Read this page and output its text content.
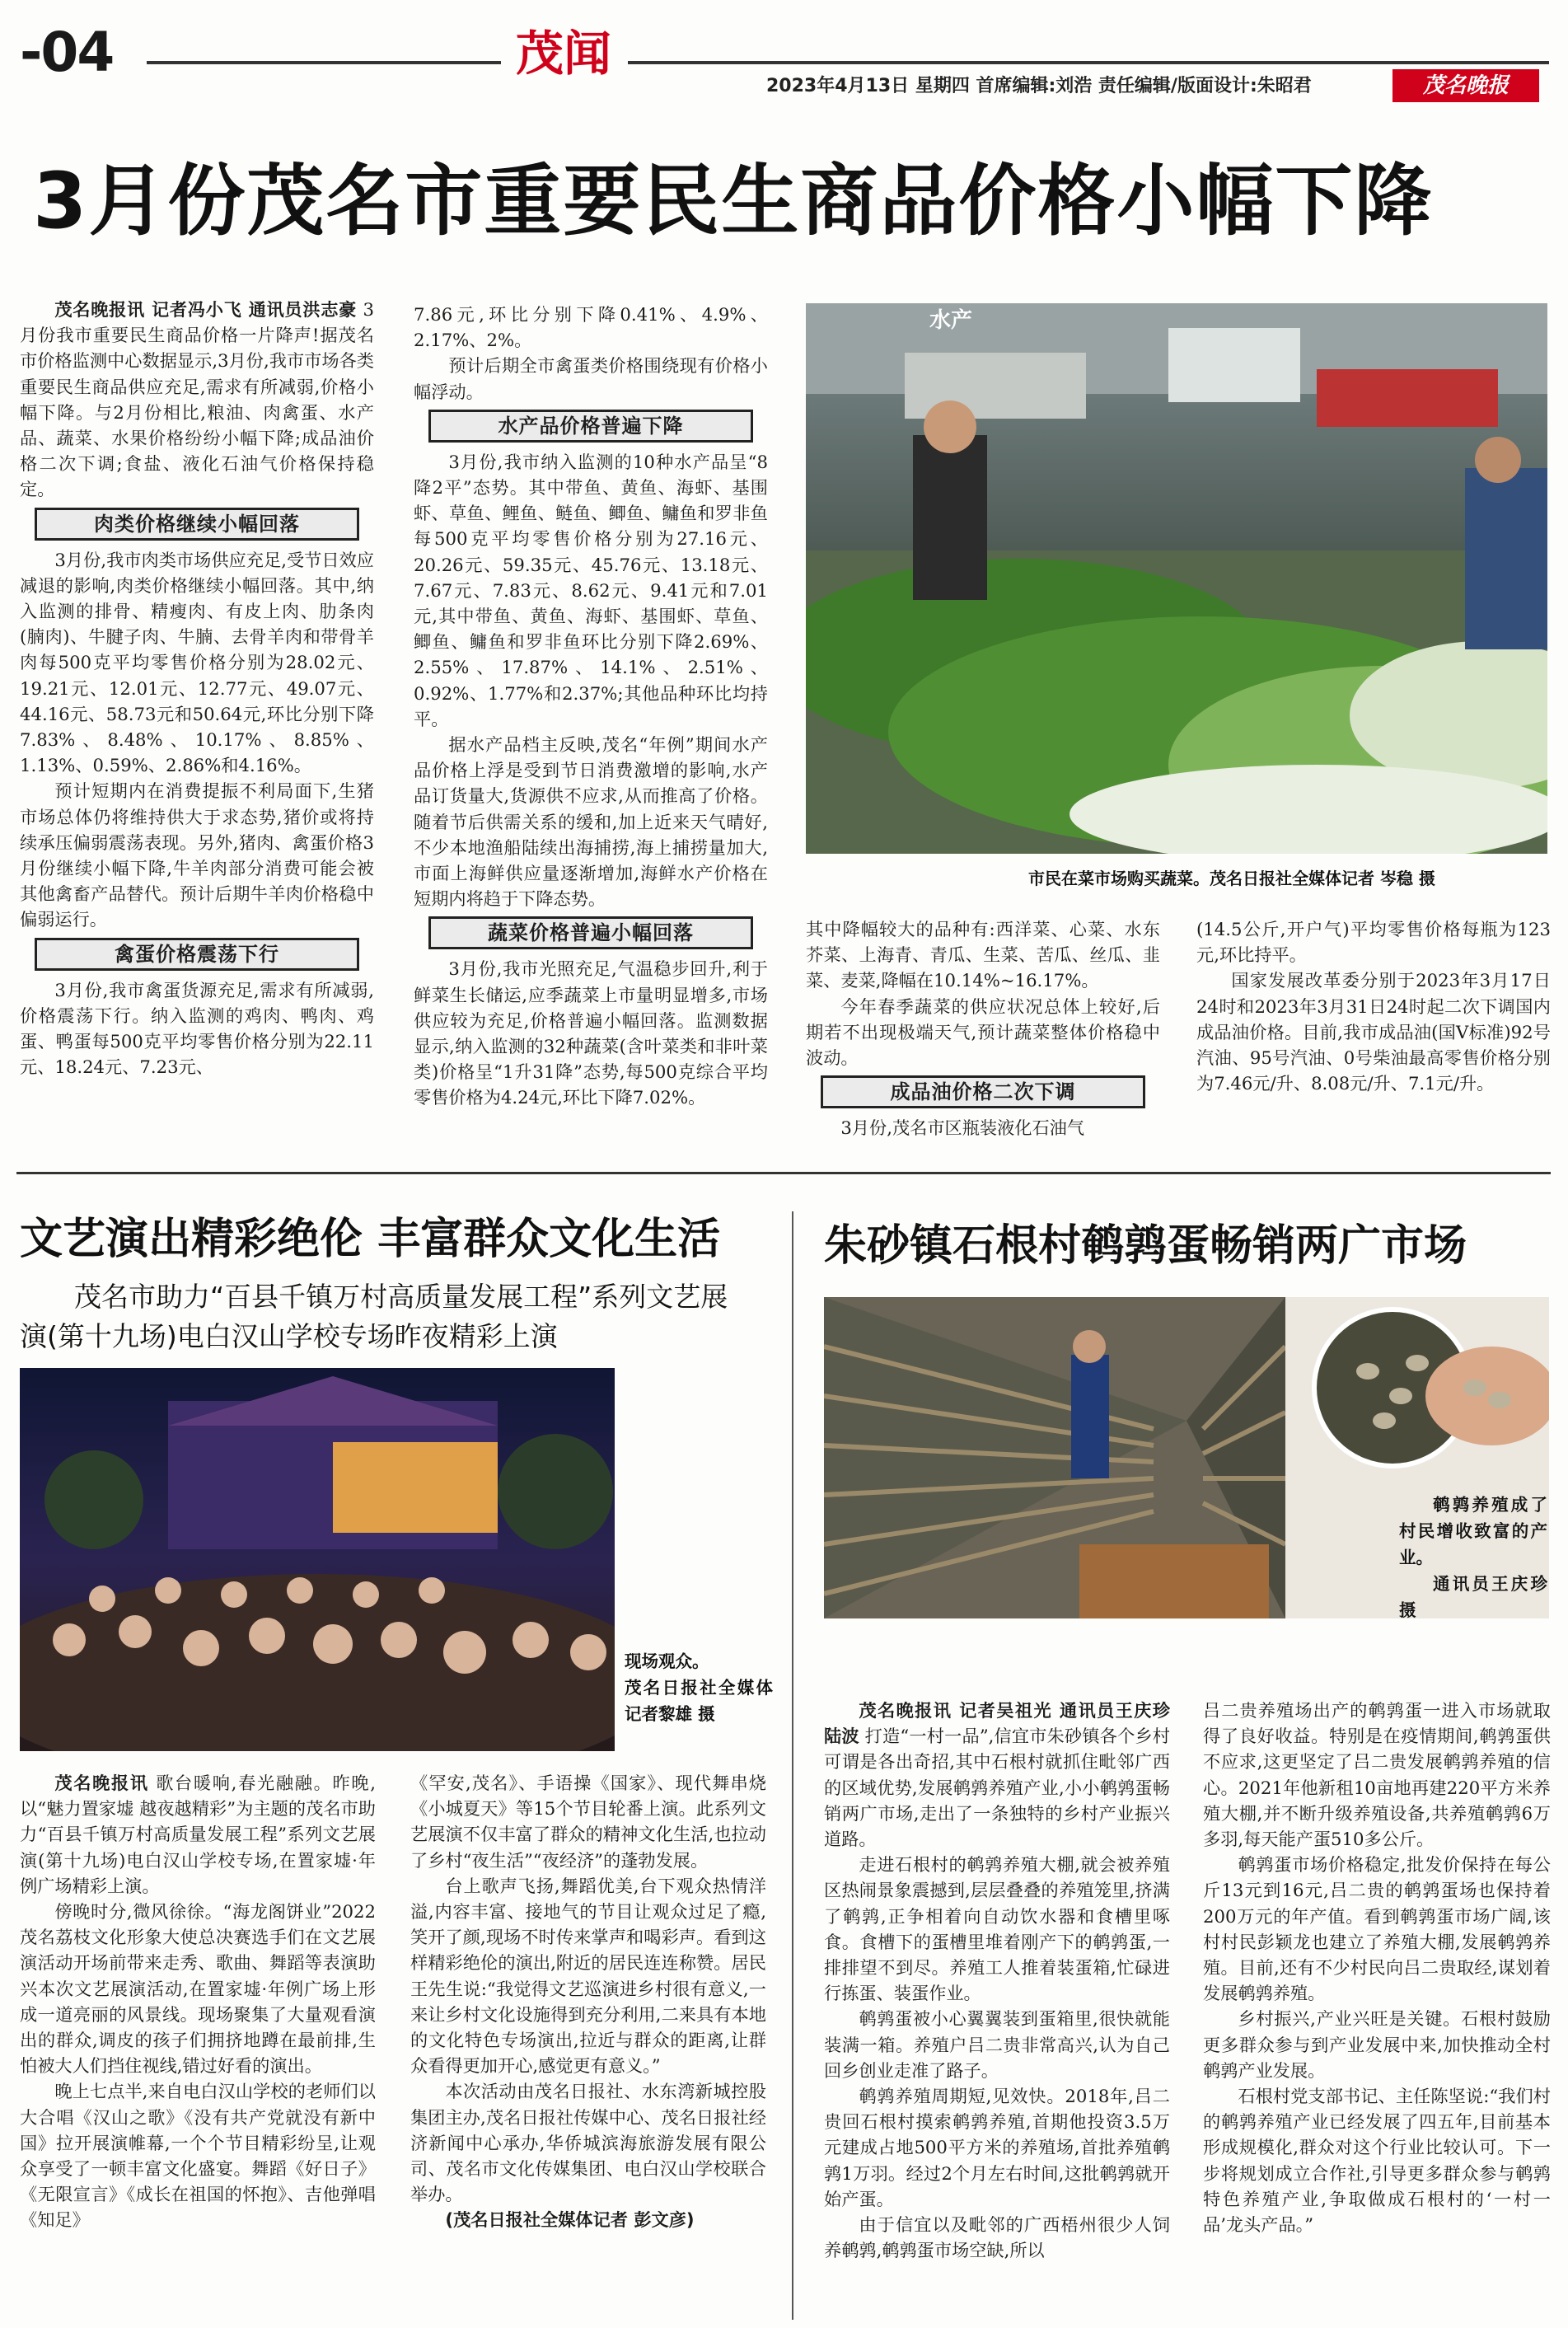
-04	茂闻
2023年4月13日 星期四 首席编辑:刘浩 责任编辑/版面设计:朱昭君	茂名晚报
3月份茂名市重要民生商品价格小幅下降

茂名晚报讯 记者冯小飞 通讯员洪志豪 3月份我市重要民生商品价格一片降声!据茂名市价格监测中心数据显示,3月份,我市市场各类重要民生商品供应充足,需求有所减弱,价格小幅下降。与2月份相比,粮油、肉禽蛋、水产品、蔬菜、水果价格纷纷小幅下降;成品油价格二次下调;食盐、液化石油气价格保持稳定。

肉类价格继续小幅回落

3月份,我市肉类市场供应充足,受节日效应减退的影响,肉类价格继续小幅回落。其中,纳入监测的排骨、精瘦肉、有皮上肉、肋条肉(腩肉)、牛腱子肉、牛腩、去骨羊肉和带骨羊肉每500克平均零售价格分别为28.02元、19.21元、12.01元、12.77元、49.07元、44.16元、58.73元和50.64元,环比分别下降7.83%、8.48%、10.17%、8.85%、1.13%、0.59%、2.86%和4.16%。

预计短期内在消费提振不利局面下,生猪市场总体仍将维持供大于求态势,猪价或将持续承压偏弱震荡表现。另外,猪肉、禽蛋价格3月份继续小幅下降,牛羊肉部分消费可能会被其他禽畜产品替代。预计后期牛羊肉价格稳中偏弱运行。

禽蛋价格震荡下行

3月份,我市禽蛋货源充足,需求有所减弱,价格震荡下行。纳入监测的鸡肉、鸭肉、鸡蛋、鸭蛋每500克平均零售价格分别为22.11元、18.24元、7.23元、

7.86元,环比分别下降0.41%、4.9%、2.17%、2%。

预计后期全市禽蛋类价格围绕现有价格小幅浮动。

水产品价格普遍下降

3月份,我市纳入监测的10种水产品呈“8降2平”态势。其中带鱼、黄鱼、海虾、基围虾、草鱼、鲤鱼、鲢鱼、鲫鱼、鳙鱼和罗非鱼每500克平均零售价格分别为27.16元、20.26元、59.35元、45.76元、13.18元、7.67元、7.83元、8.62元、9.41元和7.01元,其中带鱼、黄鱼、海虾、基围虾、草鱼、鲫鱼、鳙鱼和罗非鱼环比分别下降2.69%、2.55%、17.87%、14.1%、2.51%、0.92%、1.77%和2.37%;其他品种环比均持平。

据水产品档主反映,茂名“年例”期间水产品价格上浮是受到节日消费激增的影响,水产品订货量大,货源供不应求,从而推高了价格。随着节后供需关系的缓和,加上近来天气晴好,不少本地渔船陆续出海捕捞,海上捕捞量加大,市面上海鲜供应量逐渐增加,海鲜水产价格在短期内将趋于下降态势。

蔬菜价格普遍小幅回落

3月份,我市光照充足,气温稳步回升,利于鲜菜生长储运,应季蔬菜上市量明显增多,市场供应较为充足,价格普遍小幅回落。监测数据显示,纳入监测的32种蔬菜(含叶菜类和非叶菜类)价格呈“1升31降”态势,每500克综合平均零售价格为4.24元,环比下降7.02%。

水产
市民在菜市场购买蔬菜。茂名日报社全媒体记者 岑稳 摄

其中降幅较大的品种有:西洋菜、心菜、水东芥菜、上海青、青瓜、生菜、苦瓜、丝瓜、韭菜、麦菜,降幅在10.14%~16.17%。

今年春季蔬菜的供应状况总体上较好,后期若不出现极端天气,预计蔬菜整体价格稳中波动。

成品油价格二次下调

3月份,茂名市区瓶装液化石油气

(14.5公斤,开户气)平均零售价格每瓶为123元,环比持平。

国家发展改革委分别于2023年3月17日24时和2023年3月31日24时起二次下调国内成品油价格。目前,我市成品油(国Ⅴ标准)92号汽油、95号汽油、0号柴油最高零售价格分别为7.46元/升、8.08元/升、7.1元/升。

文艺演出精彩绝伦 丰富群众文化生活
茂名市助力“百县千镇万村高质量发展工程”系列文艺展演(第十九场)电白汉山学校专场昨夜精彩上演
现场观众。
茂名日报社全媒体记者黎雄 摄

茂名晚报讯 歌台暖响,春光融融。昨晚,以“魅力置家墟 越夜越精彩”为主题的茂名市助力“百县千镇万村高质量发展工程”系列文艺展演(第十九场)电白汉山学校专场,在置家墟·年例广场精彩上演。

傍晚时分,微风徐徐。“海龙阁饼业”2022茂名荔枝文化形象大使总决赛选手们在文艺展演活动开场前带来走秀、歌曲、舞蹈等表演助兴本次文艺展演活动,在置家墟·年例广场上形成一道亮丽的风景线。现场聚集了大量观看演出的群众,调皮的孩子们拥挤地蹲在最前排,生怕被大人们挡住视线,错过好看的演出。

晚上七点半,来自电白汉山学校的老师们以大合唱《汉山之歌》《没有共产党就没有新中国》拉开展演帷幕,一个个节目精彩纷呈,让观众享受了一顿丰富文化盛宴。舞蹈《好日子》《无限宣言》《成长在祖国的怀抱》、吉他弹唱《知足》

《罕安,茂名》、手语操《国家》、现代舞串烧《小城夏天》等15个节目轮番上演。此系列文艺展演不仅丰富了群众的精神文化生活,也拉动了乡村“夜生活”“夜经济”的蓬勃发展。

台上歌声飞扬,舞蹈优美,台下观众热情洋溢,内容丰富、接地气的节目让观众过足了瘾,笑开了颜,现场不时传来掌声和喝彩声。看到这样精彩绝伦的演出,附近的居民连连称赞。居民王先生说:“我觉得文艺巡演进乡村很有意义,一来让乡村文化设施得到充分利用,二来具有本地的文化特色专场演出,拉近与群众的距离,让群众看得更加开心,感觉更有意义。”

本次活动由茂名日报社、水东湾新城控股集团主办,茂名日报社传媒中心、茂名日报社经济新闻中心承办,华侨城滨海旅游发展有限公司、茂名市文化传媒集团、电白汉山学校联合举办。

(茂名日报社全媒体记者 彭文彦)

朱砂镇石根村鹌鹑蛋畅销两广市场
鹌鹑养殖成了村民增收致富的产业。
通讯员王庆珍 摄

茂名晚报讯 记者吴祖光 通讯员王庆珍 陆波 打造“一村一品”,信宜市朱砂镇各个乡村可谓是各出奇招,其中石根村就抓住毗邻广西的区域优势,发展鹌鹑养殖产业,小小鹌鹑蛋畅销两广市场,走出了一条独特的乡村产业振兴道路。

走进石根村的鹌鹑养殖大棚,就会被养殖区热闹景象震撼到,层层叠叠的养殖笼里,挤满了鹌鹑,正争相着向自动饮水器和食槽里啄食。食槽下的蛋槽里堆着刚产下的鹌鹑蛋,一排排望不到尽。养殖工人推着装蛋箱,忙碌进行拣蛋、装蛋作业。

鹌鹑蛋被小心翼翼装到蛋箱里,很快就能装满一箱。养殖户吕二贵非常高兴,认为自己回乡创业走准了路子。

鹌鹑养殖周期短,见效快。2018年,吕二贵回石根村摸索鹌鹑养殖,首期他投资3.5万元建成占地500平方米的养殖场,首批养殖鹌鹑1万羽。经过2个月左右时间,这批鹌鹑就开始产蛋。

由于信宜以及毗邻的广西梧州很少人饲养鹌鹑,鹌鹑蛋市场空缺,所以

吕二贵养殖场出产的鹌鹑蛋一进入市场就取得了良好收益。特别是在疫情期间,鹌鹑蛋供不应求,这更坚定了吕二贵发展鹌鹑养殖的信心。2021年他新租10亩地再建220平方米养殖大棚,并不断升级养殖设备,共养殖鹌鹑6万多羽,每天能产蛋510多公斤。

鹌鹑蛋市场价格稳定,批发价保持在每公斤13元到16元,吕二贵的鹌鹑蛋场也保持着200万元的年产值。看到鹌鹑蛋市场广阔,该村村民彭颖龙也建立了养殖大棚,发展鹌鹑养殖。目前,还有不少村民向吕二贵取经,谋划着发展鹌鹑养殖。

乡村振兴,产业兴旺是关键。石根村鼓励更多群众参与到产业发展中来,加快推动全村鹌鹑产业发展。

石根村党支部书记、主任陈坚说:“我们村的鹌鹑养殖产业已经发展了四五年,目前基本形成规模化,群众对这个行业比较认可。下一步将规划成立合作社,引导更多群众参与鹌鹑特色养殖产业,争取做成石根村的‘一村一品’龙头产品。”
